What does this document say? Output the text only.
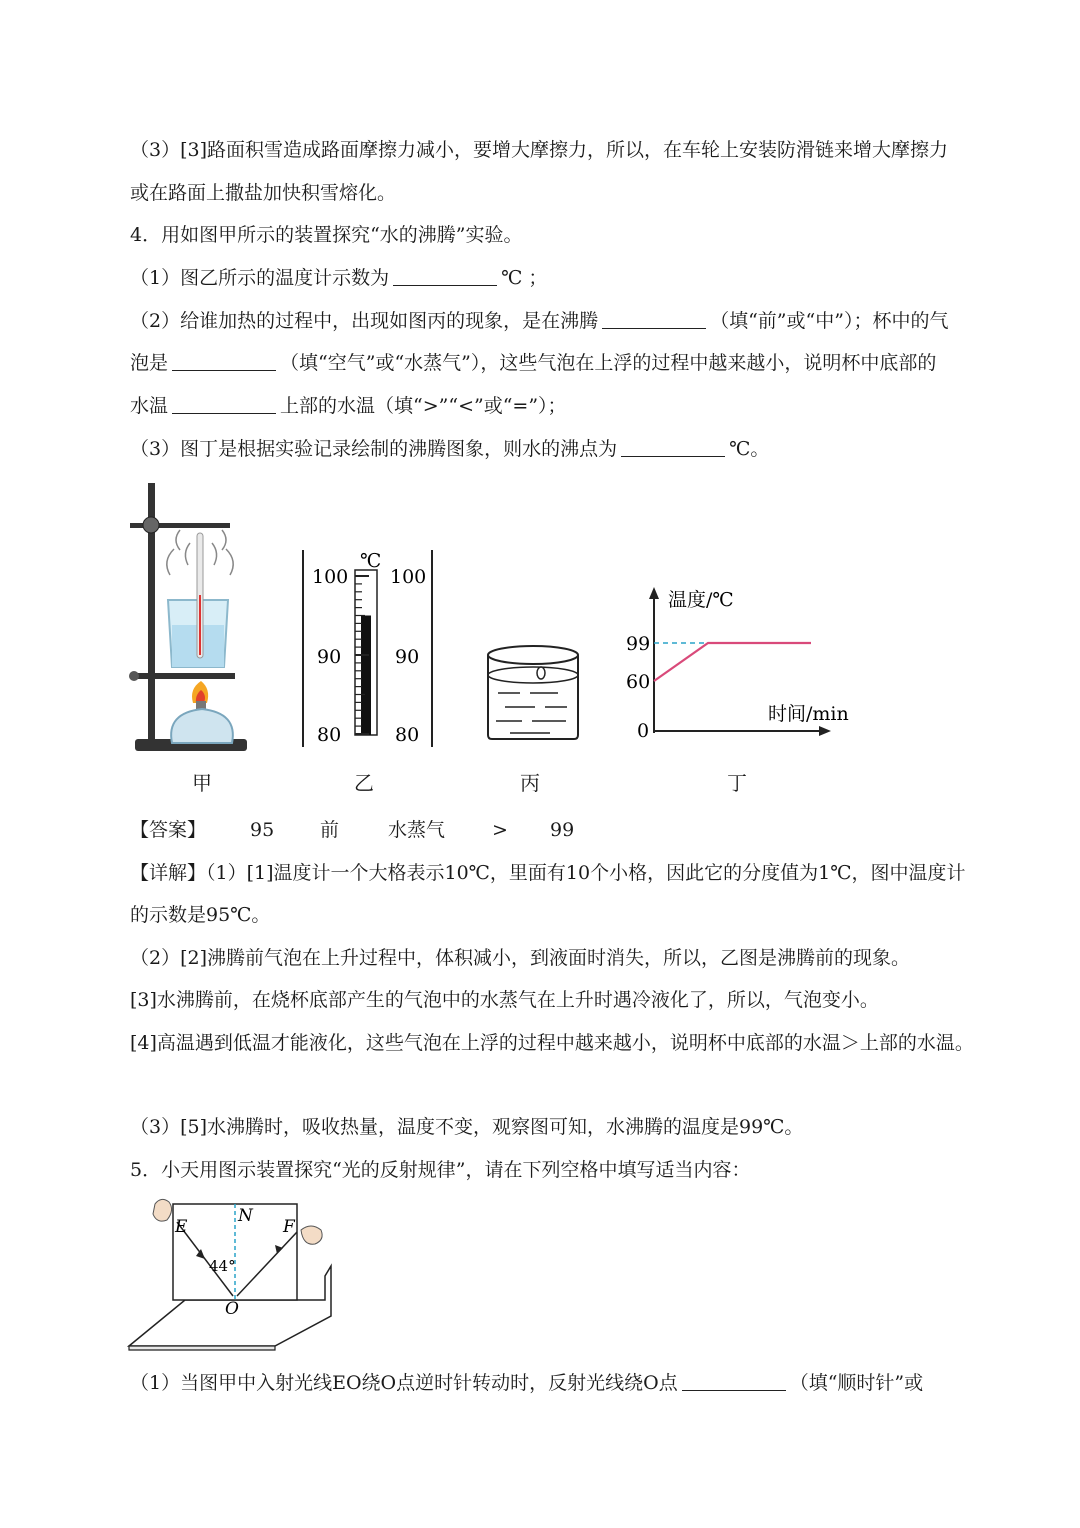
（3）[3]路面积雪造成路面摩擦力减小，要增大摩擦力，所以，在车轮上安装防滑链来增大摩擦力
或在路面上撒盐加快积雪熔化。
4．用如图甲所示的装置探究“水的沸腾”实验。
（1）图乙所示的温度计示数为	℃ ；
（2）给谁加热的过程中，出现如图丙的现象，是在沸腾	（填“前”或“中”）；杯中的气
泡是	（填“空气”或“水蒸气”），这些气泡在上浮的过程中越来越小，说明杯中底部的
水温	上部的水温（填“>”“<”或“=”）；
（3）图丁是根据实验记录绘制的沸腾图象，则水的沸点为	℃。
℃
100 100
90	90
80	80
温度/℃
时间/min
99
60
0
甲	乙	丙	丁
【答案】 95 前	水蒸气 > 99
【详解】（1）[1]温度计一个大格表示10℃，里面有10个小格，因此它的分度值为1℃，图中温度计
的示数是95℃。
（2）[2]沸腾前气泡在上升过程中，体积减小，到液面时消失，所以，乙图是沸腾前的现象。
[3]水沸腾前，在烧杯底部产生的气泡中的水蒸气在上升时遇冷液化了，所以，气泡变小。
[4]高温遇到低温才能液化，这些气泡在上浮的过程中越来越小，说明杯中底部的水温＞上部的水温。
（3）[5]水沸腾时，吸收热量，温度不变，观察图可知，水沸腾的温度是99℃。
5．小天用图示装置探究“光的反射规律”，请在下列空格中填写适当内容：
E
N
F
44°
O
（1）当图甲中入射光线EO绕O点逆时针转动时，反射光线绕O点	（填“顺时针”或
